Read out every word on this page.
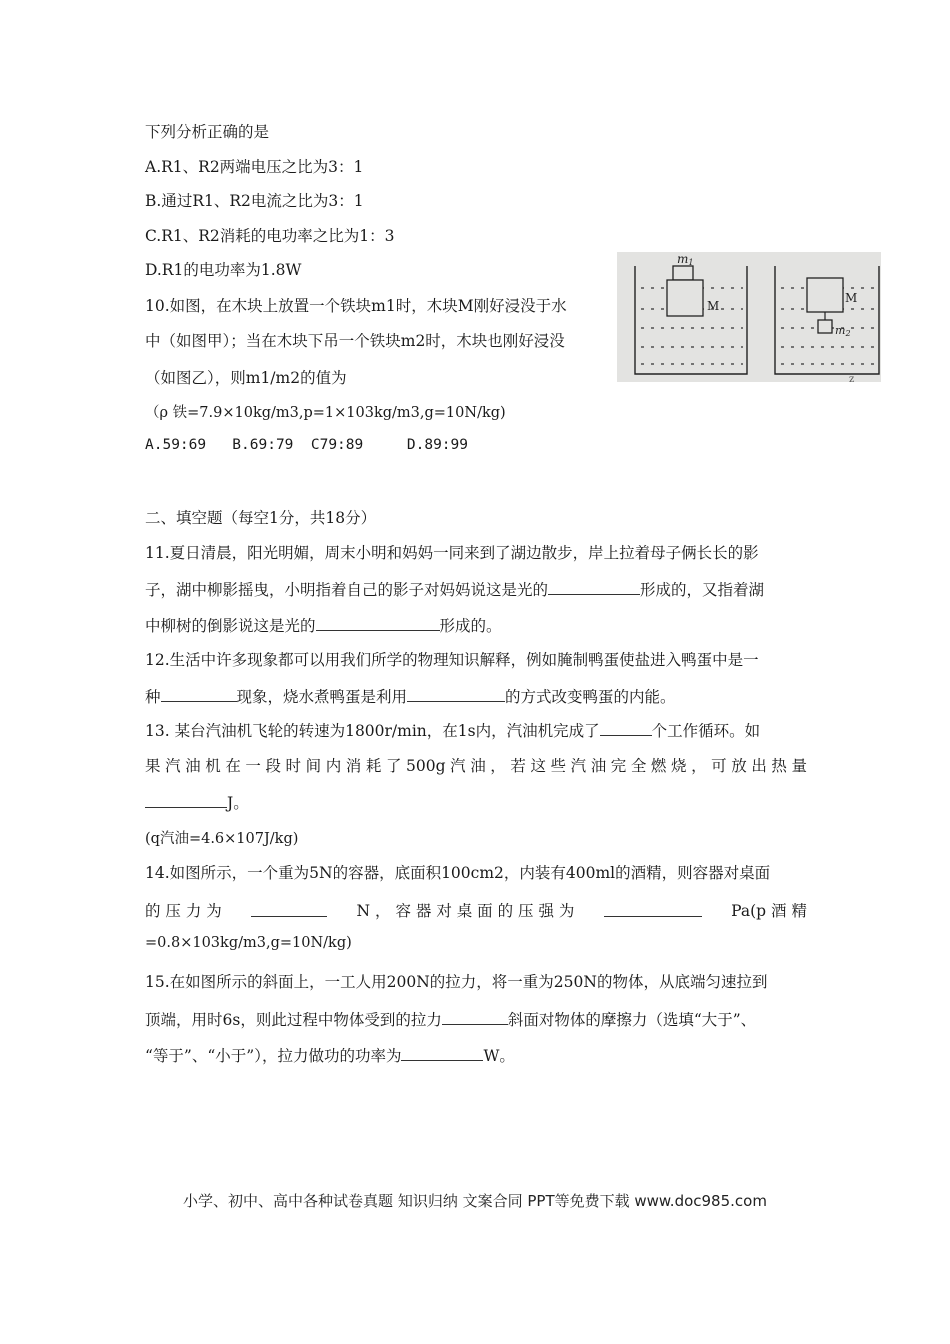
下列分析正确的是
A.R1、R2两端电压之比为3：1
B.通过R1、R2电流之比为3：1
C.R1、R2消耗的电功率之比为1：3
D.R1的电功率为1.8W
10.如图，在木块上放置一个铁块m1时，木块M刚好浸没于水
中（如图甲）；当在木块下吊一个铁块m2时，木块也刚好浸没
（如图乙），则m1/m2的值为
（ρ 铁=7.9×10kg/m3,p=1×103kg/m3,g=10N/kg)
A.59:69   B.69:79  C79:89     D.89:99
m1
M
M
m2
z
二、填空题（每空1分，共18分）
11.夏日清晨，阳光明媚，周末小明和妈妈一同来到了湖边散步，岸上拉着母子俩长长的影
子，湖中柳影摇曳，小明指着自己的影子对妈妈说这是光的	形成的，又指着湖
中柳树的倒影说这是光的	形成的。
12.生活中许多现象都可以用我们所学的物理知识解释，例如腌制鸭蛋使盐进入鸭蛋中是一
种	现象，烧水煮鸭蛋是利用	的方式改变鸭蛋的内能。
13. 某台汽油机飞轮的转速为1800r/min，在1s内，汽油机完成了	个工作循环。如
果汽油机在一段时间内消耗了500g汽油，若这些汽油完全燃烧，可放出热量
J。
(q汽油=4.6×107J/kg)
14.如图所示，一个重为5N的容器，底面积100cm2，内装有400ml的酒精，则容器对桌面
的 压 力 为	N ， 容 器 对 桌 面 的 压 强 为	Pa(p 酒 精
=0.8×103kg/m3,g=10N/kg)
15.在如图所示的斜面上，一工人用200N的拉力，将一重为250N的物体，从底端匀速拉到
顶端，用时6s，则此过程中物体受到的拉力	斜面对物体的摩擦力（选填“大于”、
“等于”、“小于”），拉力做功的功率为	W。
小学、初中、高中各种试卷真题 知识归纳 文案合同 PPT等免费下载 www.doc985.com
